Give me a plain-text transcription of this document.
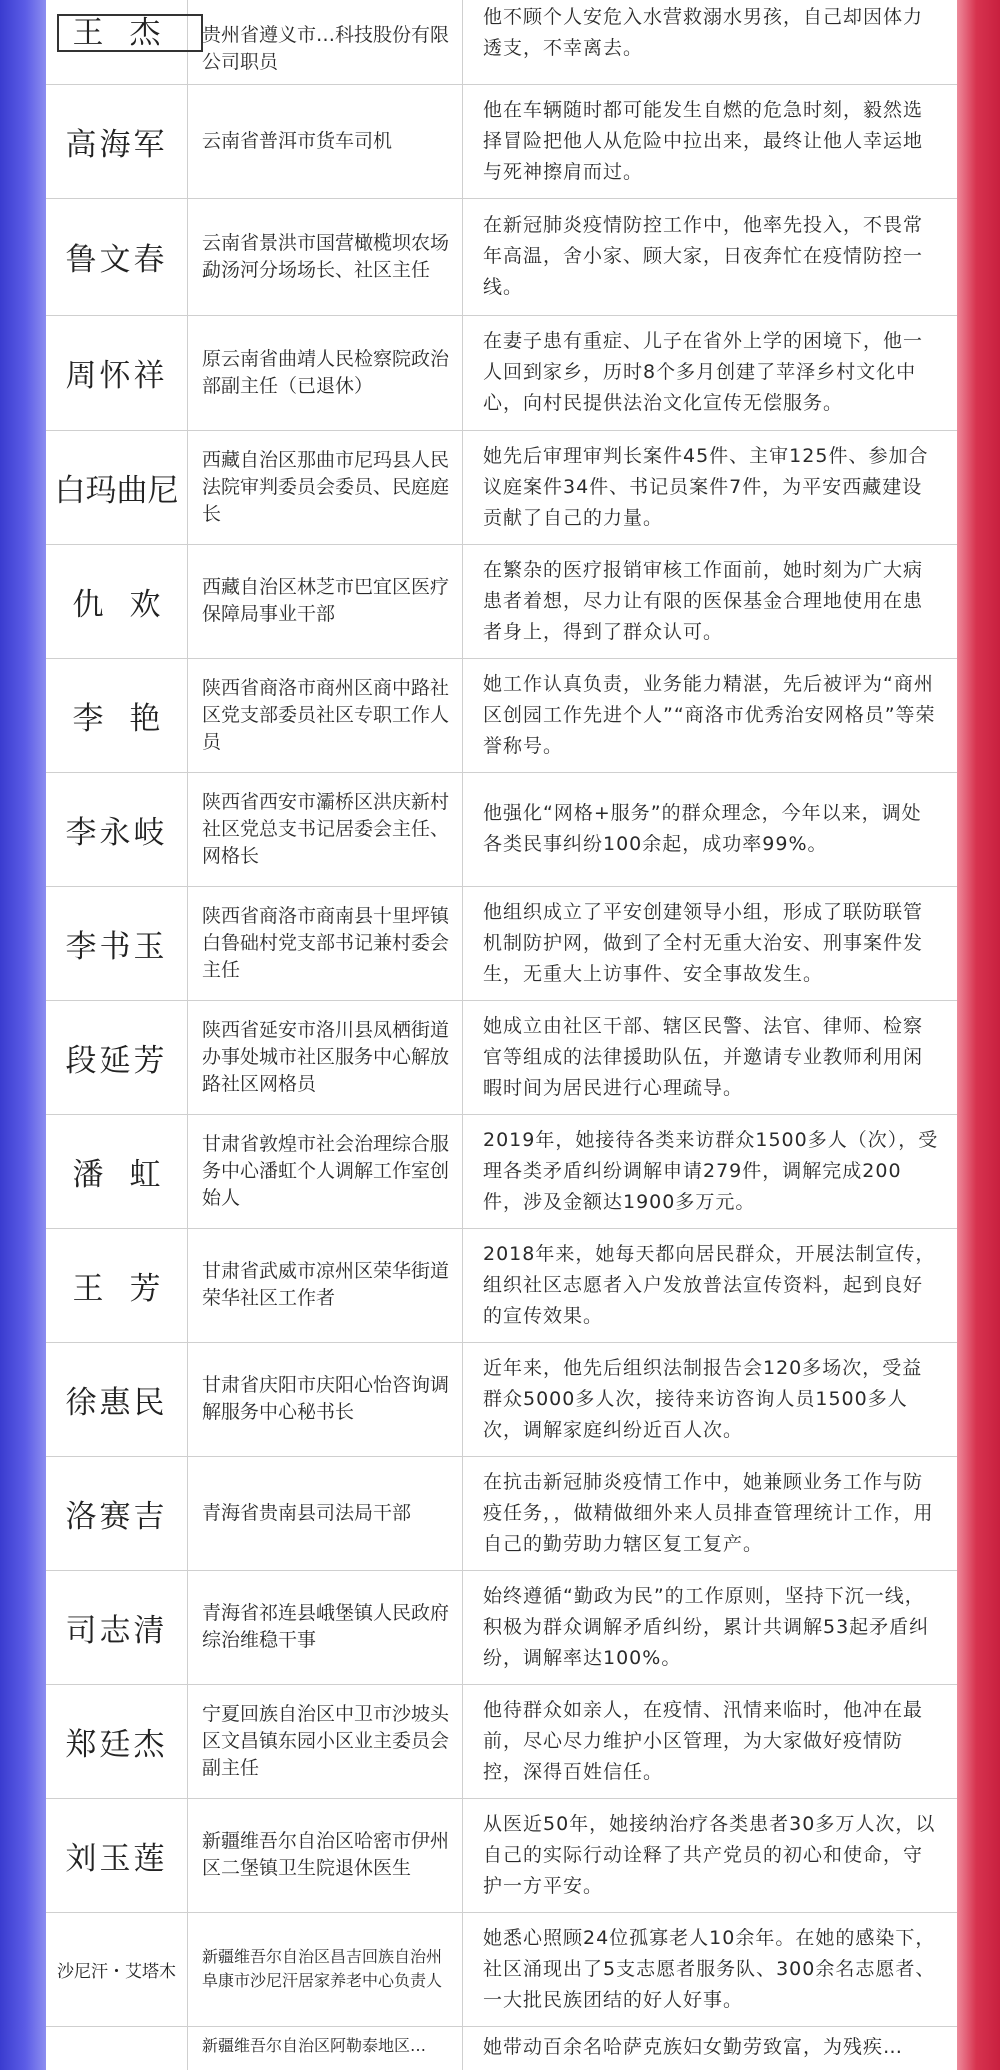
王杰 贵州省遵义市…科技股份有限公司职员
他不顾个人安危入水营救溺水男孩，自己却因体力透支，不幸离去。
高海军 云南省普洱市货车司机
他在车辆随时都可能发生自燃的危急时刻，毅然选择冒险把他人从危险中拉出来，最终让他人幸运地与死神擦肩而过。
鲁文春 云南省景洪市国营橄榄坝农场勐汤河分场场长、社区主任
在新冠肺炎疫情防控工作中，他率先投入，不畏常年高温，舍小家、顾大家，日夜奔忙在疫情防控一线。
周怀祥 原云南省曲靖人民检察院政治部副主任（已退休）
在妻子患有重症、儿子在省外上学的困境下，他一人回到家乡，历时8个多月创建了苹泽乡村文化中心，向村民提供法治文化宣传无偿服务。
白玛曲尼
西藏自治区那曲市尼玛县人民法院审判委员会委员、民庭庭长
她先后审理审判长案件45件、主审125件、参加合议庭案件34件、书记员案件7件，为平安西藏建设贡献了自己的力量。
仇欢 西藏自治区林芝市巴宜区医疗保障局事业干部
在繁杂的医疗报销审核工作面前，她时刻为广大病患者着想，尽力让有限的医保基金合理地使用在患者身上，得到了群众认可。
李艳
陕西省商洛市商州区商中路社区党支部委员社区专职工作人员
她工作认真负责，业务能力精湛，先后被评为“商州区创园工作先进个人”“商洛市优秀治安网格员”等荣誉称号。
李永岐
陕西省西安市灞桥区洪庆新村社区党总支书记居委会主任、网格长
他强化“网格+服务”的群众理念，今年以来，调处各类民事纠纷100余起，成功率99%。
李书玉
陕西省商洛市商南县十里坪镇白鲁础村党支部书记兼村委会主任
他组织成立了平安创建领导小组，形成了联防联管机制防护网，做到了全村无重大治安、刑事案件发生，无重大上访事件、安全事故发生。
段延芳
陕西省延安市洛川县凤栖街道办事处城市社区服务中心解放路社区网格员
她成立由社区干部、辖区民警、法官、律师、检察官等组成的法律援助队伍，并邀请专业教师利用闲暇时间为居民进行心理疏导。
潘虹
甘肃省敦煌市社会治理综合服务中心潘虹个人调解工作室创始人
2019年，她接待各类来访群众1500多人（次），受理各类矛盾纠纷调解申请279件，调解完成200件，涉及金额达1900多万元。
王芳 甘肃省武威市凉州区荣华街道荣华社区工作者
2018年来，她每天都向居民群众，开展法制宣传，组织社区志愿者入户发放普法宣传资料，起到良好的宣传效果。
徐惠民 甘肃省庆阳市庆阳心怡咨询调解服务中心秘书长
近年来，他先后组织法制报告会120多场次，受益群众5000多人次，接待来访咨询人员1500多人次，调解家庭纠纷近百人次。
洛赛吉 青海省贵南县司法局干部
在抗击新冠肺炎疫情工作中，她兼顾业务工作与防疫任务，，做精做细外来人员排查管理统计工作，用自己的勤劳助力辖区复工复产。
司志清 青海省祁连县峨堡镇人民政府综治维稳干事
始终遵循“勤政为民”的工作原则，坚持下沉一线，积极为群众调解矛盾纠纷，累计共调解53起矛盾纠纷，调解率达100%。
郑廷杰
宁夏回族自治区中卫市沙坡头区文昌镇东园小区业主委员会副主任
他待群众如亲人，在疫情、汛情来临时，他冲在最前，尽心尽力维护小区管理，为大家做好疫情防控，深得百姓信任。
刘玉莲 新疆维吾尔自治区哈密市伊州区二堡镇卫生院退休医生
从医近50年，她接纳治疗各类患者30多万人次，以自己的实际行动诠释了共产党员的初心和使命，守护一方平安。
沙尼汗・艾塔木
新疆维吾尔自治区昌吉回族自治州阜康市沙尼汗居家养老中心负责人
她悉心照顾24位孤寡老人10余年。在她的感染下，社区涌现出了5支志愿者服务队、300余名志愿者、一大批民族团结的好人好事。
新疆维吾尔自治区阿勒泰地区…	她带动百余名哈萨克族妇女勤劳致富，为残疾…
